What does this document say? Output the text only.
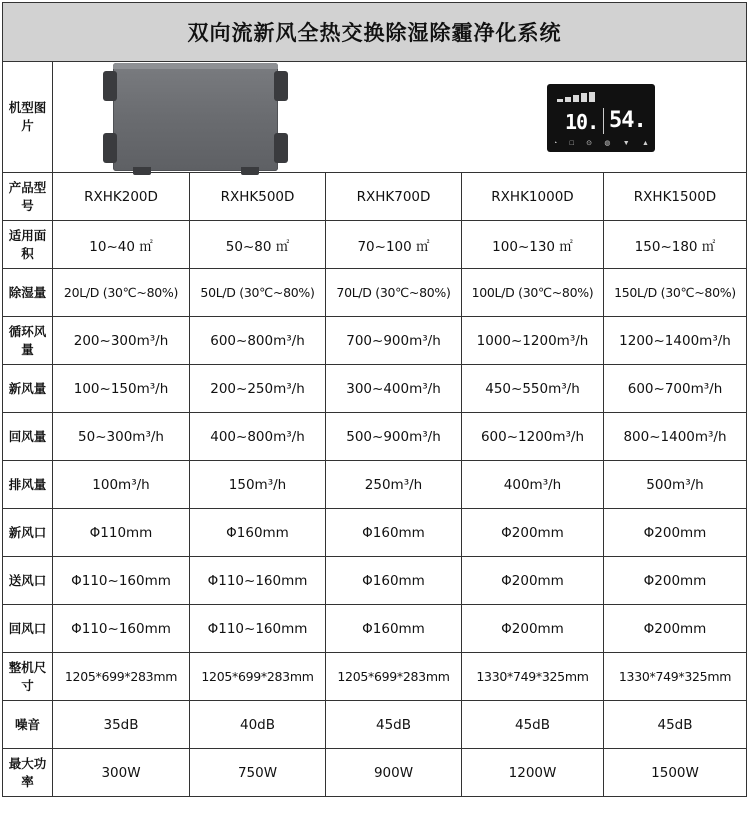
双向流新风全热交换除湿除霾净化系统					
机型图片					
产品型号	RXHK200D	RXHK500D	RXHK700D	RXHK1000D	RXHK1500D
适用面积	10~40 ㎡	50~80 ㎡	70~100 ㎡	100~130 ㎡	150~180 ㎡
除湿量	20L/D (30℃~80%)	50L/D (30℃~80%)	70L/D (30℃~80%)	100L/D (30℃~80%)	150L/D (30℃~80%)
循环风量	200~300m³/h	600~800m³/h	700~900m³/h	1000~1200m³/h	1200~1400m³/h
新风量	100~150m³/h	200~250m³/h	300~400m³/h	450~550m³/h	600~700m³/h
回风量	50~300m³/h	400~800m³/h	500~900m³/h	600~1200m³/h	800~1400m³/h
排风量	100m³/h	150m³/h	250m³/h	400m³/h	500m³/h
新风口	Φ110mm	Φ160mm	Φ160mm	Φ200mm	Φ200mm
送风口	Φ110~160mm	Φ110~160mm	Φ160mm	Φ200mm	Φ200mm
回风口	Φ110~160mm	Φ110~160mm	Φ160mm	Φ200mm	Φ200mm
整机尺寸	1205*699*283mm	1205*699*283mm	1205*699*283mm	1330*749*325mm	1330*749*325mm
噪音	35dB	40dB	45dB	45dB	45dB
最大功率	300W	750W	900W	1200W	1500W
10. 54.
◔ □ ⊙ ◍ ▼ ▲
